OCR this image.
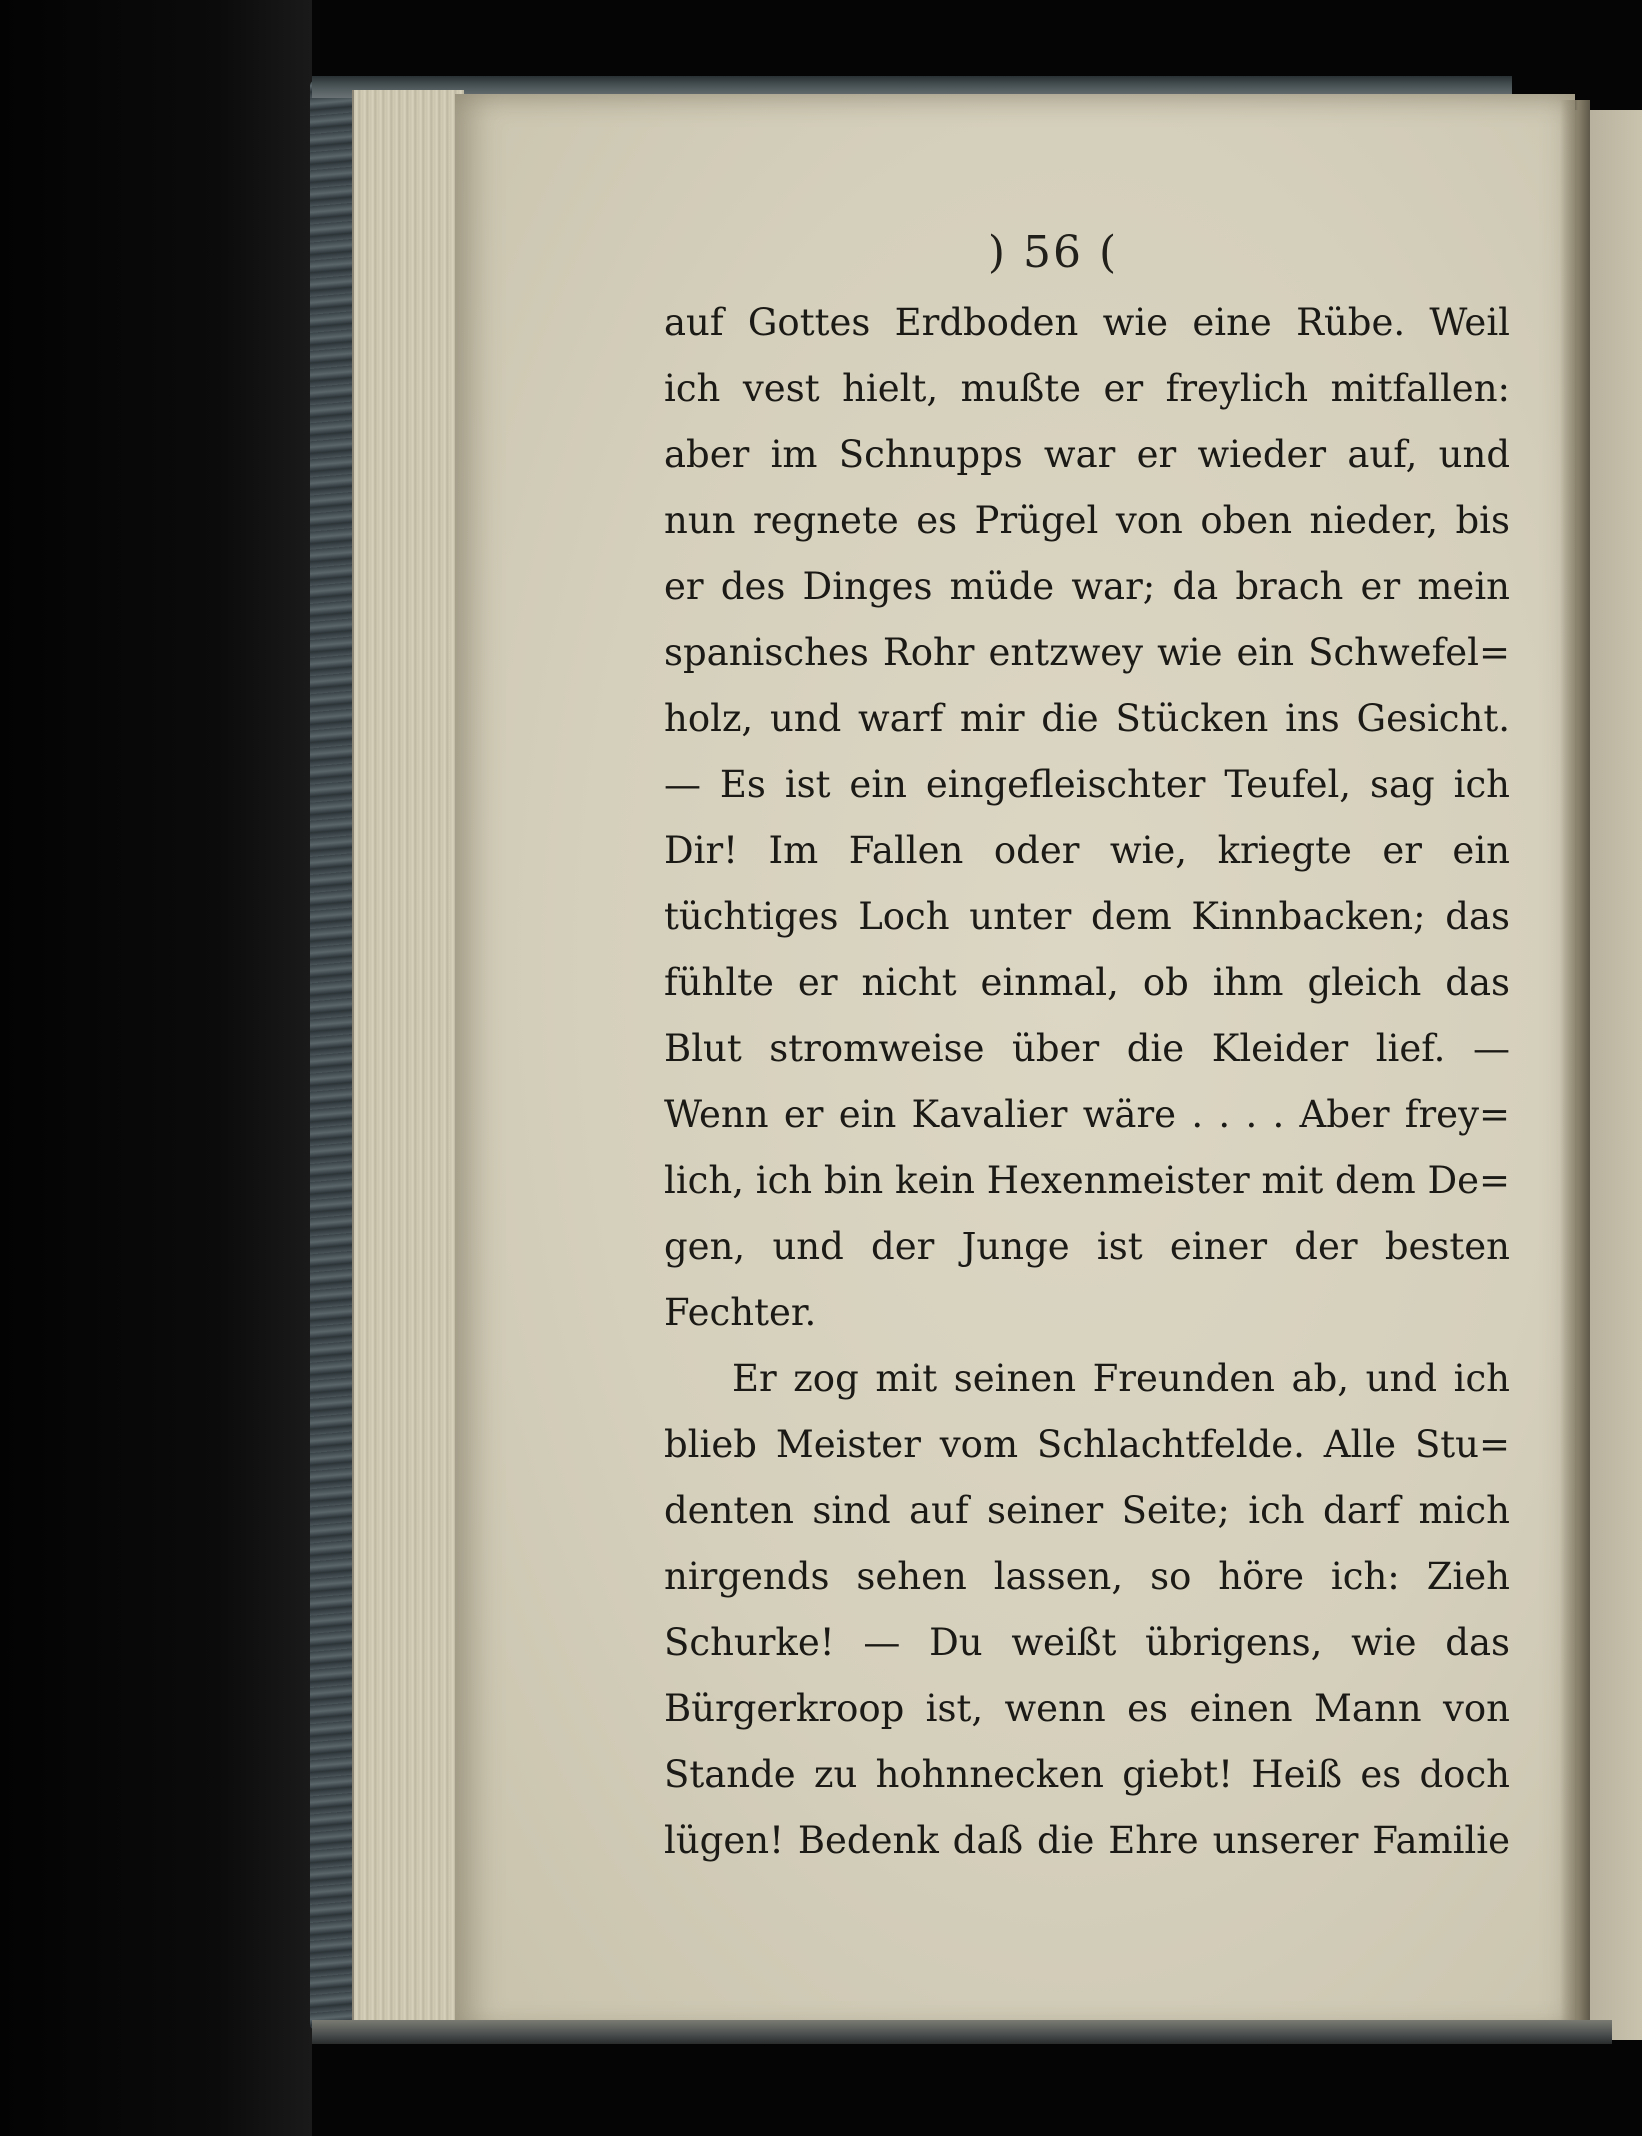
) 56 (
auf Gottes Erdboden wie eine Rübe. Weil
ich vest hielt, mußte er freylich mitfallen:
aber im Schnupps war er wieder auf, und
nun regnete es Prügel von oben nieder, bis
er des Dinges müde war; da brach er mein
spanisches Rohr entzwey wie ein Schwefel=
holz, und warf mir die Stücken ins Gesicht.
— Es ist ein eingefleischter Teufel, sag ich
Dir! Im Fallen oder wie, kriegte er ein
tüchtiges Loch unter dem Kinnbacken; das
fühlte er nicht einmal, ob ihm gleich das
Blut stromweise über die Kleider lief. —
Wenn er ein Kavalier wäre . . . . Aber frey=
lich, ich bin kein Hexenmeister mit dem De=
gen, und der Junge ist einer der besten
Fechter.
Er zog mit seinen Freunden ab, und ich
blieb Meister vom Schlachtfelde. Alle Stu=
denten sind auf seiner Seite; ich darf mich
nirgends sehen lassen, so höre ich: Zieh
Schurke! — Du weißt übrigens, wie das
Bürgerkroop ist, wenn es einen Mann von
Stande zu hohnnecken giebt! Heiß es doch
lügen! Bedenk daß die Ehre unserer Familie
